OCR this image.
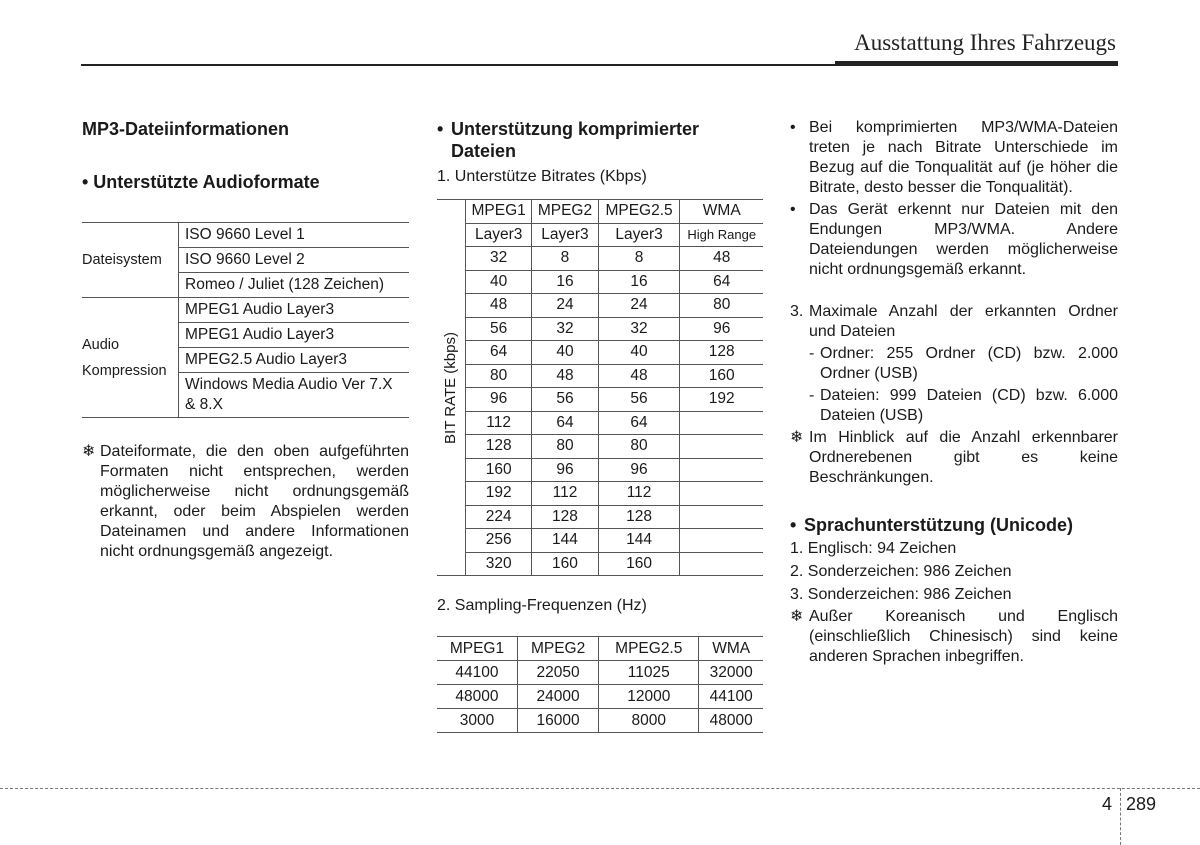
Ausstattung Ihres Fahrzeugs
MP3-Dateiinformationen
• Unterstützte Audioformate
Dateisystem	ISO 9660 Level 1
	ISO 9660 Level 2
	Romeo / Juliet (128 Zeichen)

Audio
Kompression	MPEG1 Audio Layer3
	MPEG1 Audio Layer3
	MPEG2.5 Audio Layer3
	Windows Media Audio Ver 7.X & 8.X

❄ Dateiformate, die den oben aufgeführten Formaten nicht entsprechen, werden möglicherweise nicht ordnungsgemäß erkannt, oder beim Abspielen werden Dateinamen und andere Informationen nicht ordnungsgemäß angezeigt.

• Unterstützung komprimierter Dateien
1. Unterstütze Bitrates (Kbps)
BIT RATE (kbps)	MPEG1	MPEG2	MPEG2.5	WMA
	Layer3	Layer3	Layer3	High Range
	32	8	8	48
	40	16	16	64
	48	24	24	80
	56	32	32	96
	64	40	40	128
	80	48	48	160
	96	56	56	192
	112	64	64	
	128	80	80	
	160	96	96	
	192	112	112	
	224	128	128	
	256	144	144	
	320	160	160	
2. Sampling-Frequenzen (Hz)
MPEG1	MPEG2	MPEG2.5	WMA
44100	22050	11025	32000
48000	24000	12000	44100
3000	16000	8000	48000
• Bei komprimierten MP3/WMA-Dateien treten je nach Bitrate Unterschiede im Bezug auf die Tonqualität auf (je höher die Bitrate, desto besser die Tonqualität).
• Das Gerät erkennt nur Dateien mit den Endungen MP3/WMA. Andere Dateiendungen werden möglicherweise nicht ordnungsgemäß erkannt.
3. Maximale Anzahl der erkannten Ordner und Dateien
- Ordner: 255 Ordner (CD) bzw. 2.000 Ordner (USB)
- Dateien: 999 Dateien (CD) bzw. 6.000 Dateien (USB)
❄ Im Hinblick auf die Anzahl erkennbarer Ordnerebenen gibt es keine Beschränkungen.
• Sprachunterstützung (Unicode)
1. Englisch: 94 Zeichen
2. Sonderzeichen: 986 Zeichen
3. Sonderzeichen: 986 Zeichen
❄ Außer Koreanisch und Englisch (einschließlich Chinesisch) sind keine anderen Sprachen inbegriffen.
4 289
